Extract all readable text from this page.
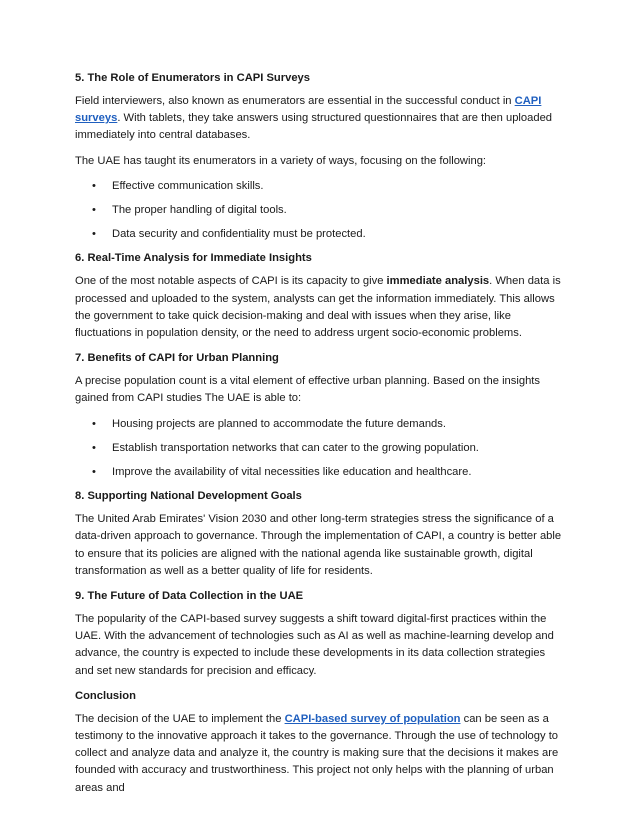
5. The Role of Enumerators in CAPI Surveys

Field interviewers, also known as enumerators are essential in the successful conduct in CAPI surveys. With tablets, they take answers using structured questionnaires that are then uploaded immediately into central databases.

The UAE has taught its enumerators in a variety of ways, focusing on the following:

• Effective communication skills.
• The proper handling of digital tools.
• Data security and confidentiality must be protected.
6. Real-Time Analysis for Immediate Insights

One of the most notable aspects of CAPI is its capacity to give immediate analysis. When data is processed and uploaded to the system, analysts can get the information immediately. This allows the government to take quick decision-making and deal with issues when they arise, like fluctuations in population density, or the need to address urgent socio-economic problems.

7. Benefits of CAPI for Urban Planning

A precise population count is a vital element of effective urban planning. Based on the insights gained from CAPI studies The UAE is able to:

• Housing projects are planned to accommodate the future demands.
• Establish transportation networks that can cater to the growing population.
• Improve the availability of vital necessities like education and healthcare.
8. Supporting National Development Goals

The United Arab Emirates' Vision 2030 and other long-term strategies stress the significance of a data-driven approach to governance. Through the implementation of CAPI, a country is better able to ensure that its policies are aligned with the national agenda like sustainable growth, digital transformation as well as a better quality of life for residents.

9. The Future of Data Collection in the UAE

The popularity of the CAPI-based survey suggests a shift toward digital-first practices within the UAE. With the advancement of technologies such as AI as well as machine-learning develop and advance, the country is expected to include these developments in its data collection strategies and set new standards for precision and efficacy.

Conclusion

The decision of the UAE to implement the CAPI-based survey of population can be seen as a testimony to the innovative approach it takes to the governance. Through the use of technology to collect and analyze data and analyze it, the country is making sure that the decisions it makes are founded with accuracy and trustworthiness. This project not only helps with the planning of urban areas and
